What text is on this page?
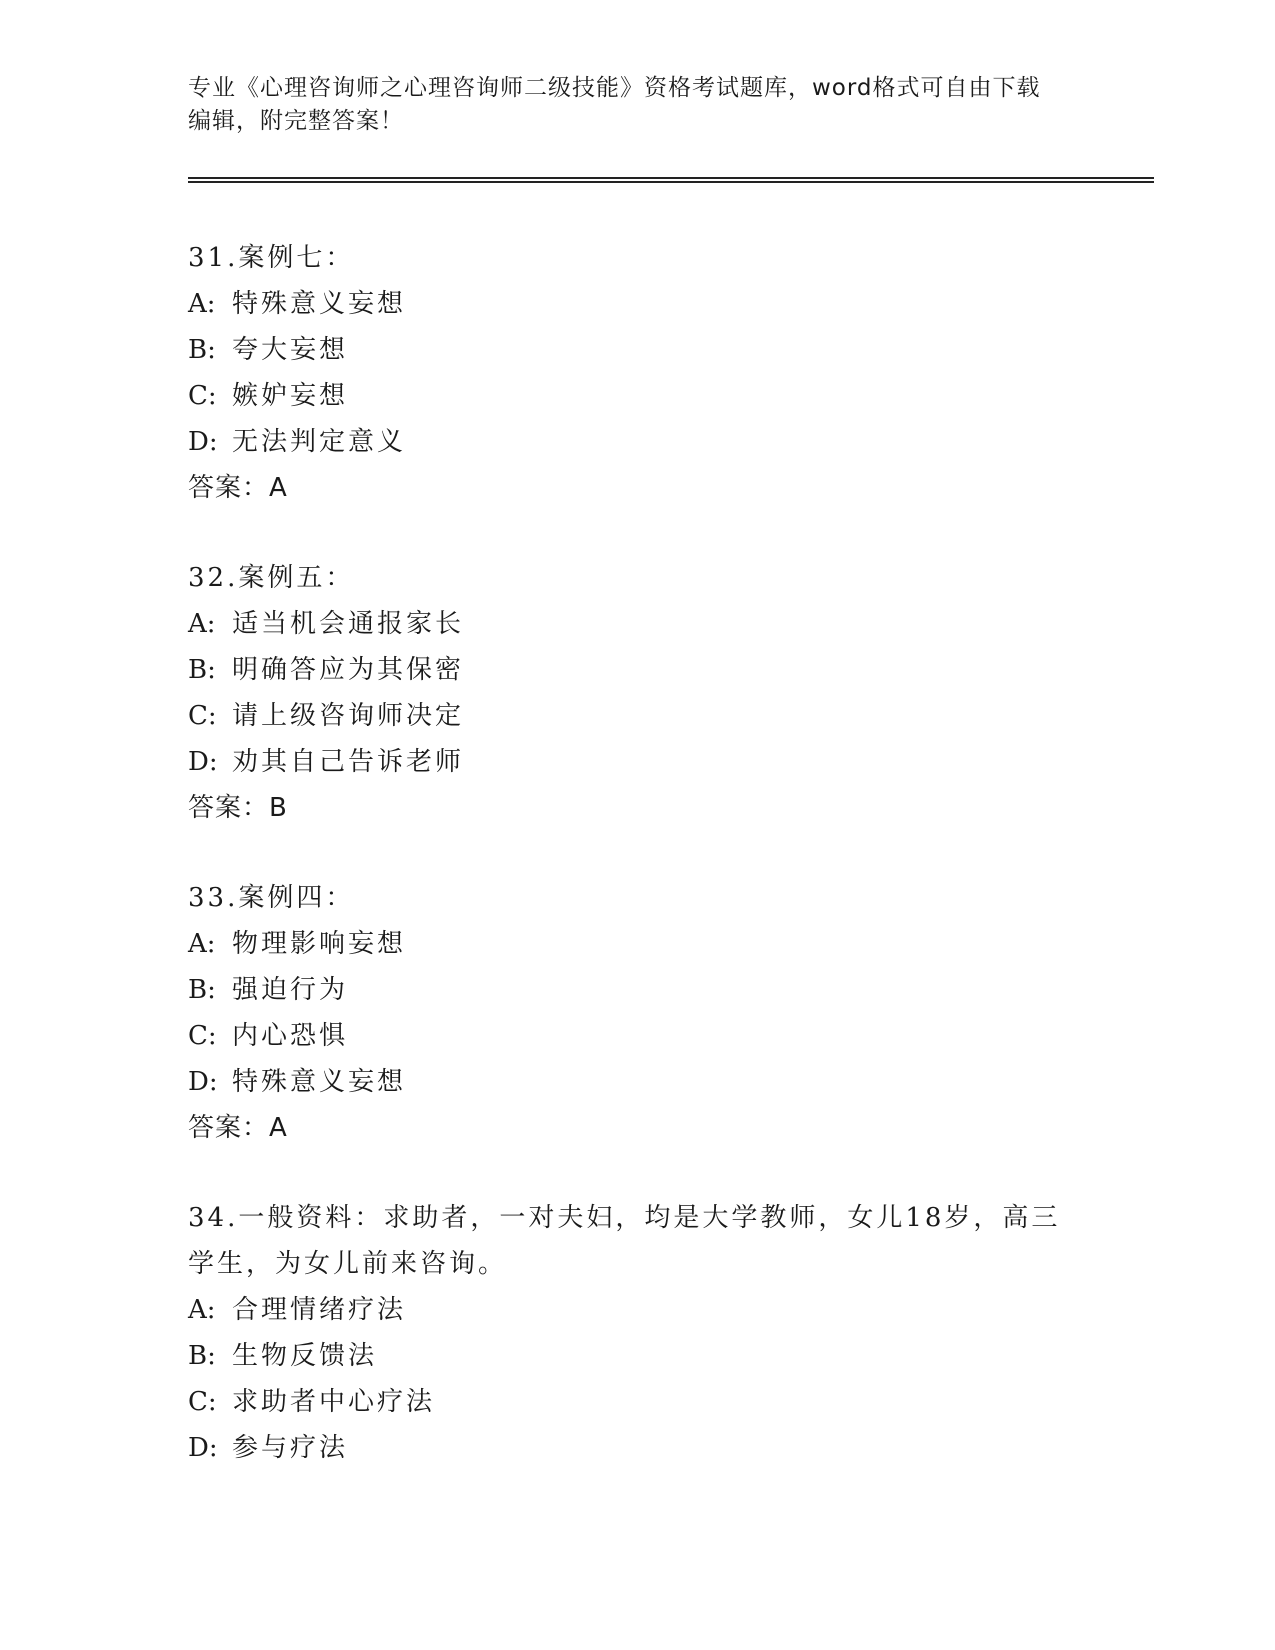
专业《心理咨询师之心理咨询师二级技能》资格考试题库，word格式可自由下载
编辑，附完整答案！
31.案例七：
A: 特殊意义妄想
B: 夸大妄想
C: 嫉妒妄想
D: 无法判定意义
答案：A
32.案例五：
A: 适当机会通报家长
B: 明确答应为其保密
C: 请上级咨询师决定
D: 劝其自己告诉老师
答案：B
33.案例四：
A: 物理影响妄想
B: 强迫行为
C: 内心恐惧
D: 特殊意义妄想
答案：A
34.一般资料：求助者，一对夫妇，均是大学教师，女儿18岁，高三
学生，为女儿前来咨询。
A: 合理情绪疗法
B: 生物反馈法
C: 求助者中心疗法
D: 参与疗法
